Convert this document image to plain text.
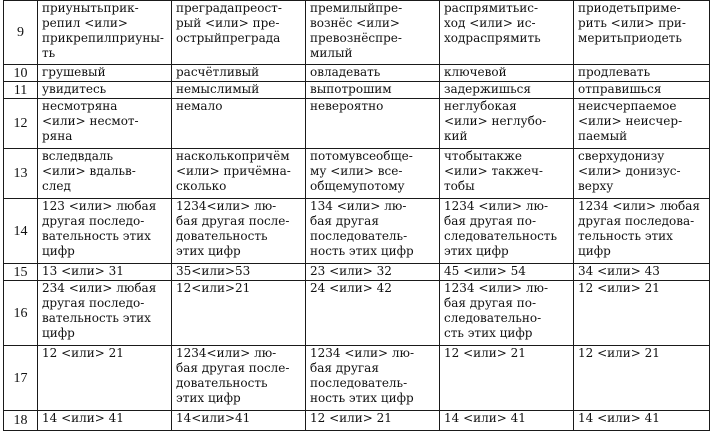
9	приунытьприк-
репил <или>
прикрепилприуны-
ть	преградапреост-
рый <или> пре-
острыйпреграда	премилыйпре-
вознёс <или>
превознёспре-
милый	распрямитьис-
ход <или> ис-
ходраспрямить	приодетьприме-
рить <или> при-
меритьприодеть

10	грушевый	расчётливый	овладевать	ключевой	продлевать

11	увидитесь	немыслимый	выпотрошим	задержишься	отправишься

12	несмотряна
<или> несмот-
ряна	немало	невероятно	неглубокая
<или> неглубо-
кий	неисчерпаемое
<или> неисчер-
паемый

13	вследвдаль
<или> вдальв-
след	насколькопричём
<или> причёмна-
сколько	потомувсеобще-
му <или> все-
общемупотому	чтобытакже
<или> такжеч-
тобы	сверхудонизу
<или> донизус-
верху

14	123 <или> любая
другая последо-
вательность этих
цифр	1234<или> лю-
бая другая после-
довательность
этих цифр	134 <или> лю-
бая другая
последователь-
ность этих цифр	1234 <или> лю-
бая другая по-
следовательность
этих цифр	1234 <или> любая
другая последова-
тельность этих
цифр

15	13 <или> 31	35<или>53	23 <или> 32	45 <или> 54	34 <или> 43

16	234 <или> любая
другая последо-
вательность этих
цифр	12<или>21	24 <или> 42	1234 <или> лю-
бая другая по-
следовательно-
сть этих цифр	12 <или> 21

17	12 <или> 21	1234<или> лю-
бая другая после-
довательность
этих цифр	1234 <или> лю-
бая другая
последователь-
ность этих цифр	12 <или> 21	12 <или> 21

18	14 <или> 41	14<или>41	12 <или> 21	14 <или> 41	14 <или> 41
